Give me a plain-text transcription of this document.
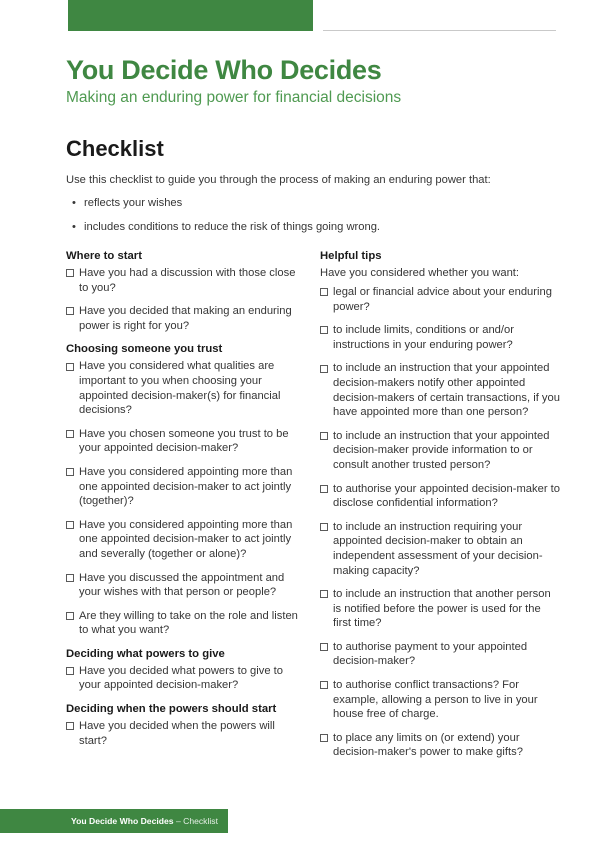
You Decide Who Decides

Making an enduring power for financial decisions

Checklist

Use this checklist to guide you through the process of making an enduring power that:

• reflects your wishes
• includes conditions to reduce the risk of things going wrong.
Where to start
Have you had a discussion with those close to you?
Have you decided that making an enduring power is right for you?
Choosing someone you trust
Have you considered what qualities are important to you when choosing your appointed decision-maker(s) for financial decisions?
Have you chosen someone you trust to be your appointed decision-maker?
Have you considered appointing more than one appointed decision-maker to act jointly (together)?
Have you considered appointing more than one appointed decision-maker to act jointly and severally (together or alone)?
Have you discussed the appointment and your wishes with that person or people?
Are they willing to take on the role and listen to what you want?
Deciding what powers to give
Have you decided what powers to give to your appointed decision-maker?
Deciding when the powers should start
Have you decided when the powers will start?
Helpful tips

Have you considered whether you want:

legal or financial advice about your enduring power?
to include limits, conditions or and/or instructions in your enduring power?
to include an instruction that your appointed decision-makers notify other appointed decision-makers of certain transactions, if you have appointed more than one person?
to include an instruction that your appointed decision-maker provide information to or consult another trusted person?
to authorise your appointed decision-maker to disclose confidential information?
to include an instruction requiring your appointed decision-maker to obtain an independent assessment of your decision-making capacity?
to include an instruction that another person is notified before the power is used for the first time?
to authorise payment to your appointed decision-maker?
to authorise conflict transactions? For example, allowing a person to live in your house free of charge.
to place any limits on (or extend) your decision-maker's power to make gifts?
You Decide Who Decides – Checklist
